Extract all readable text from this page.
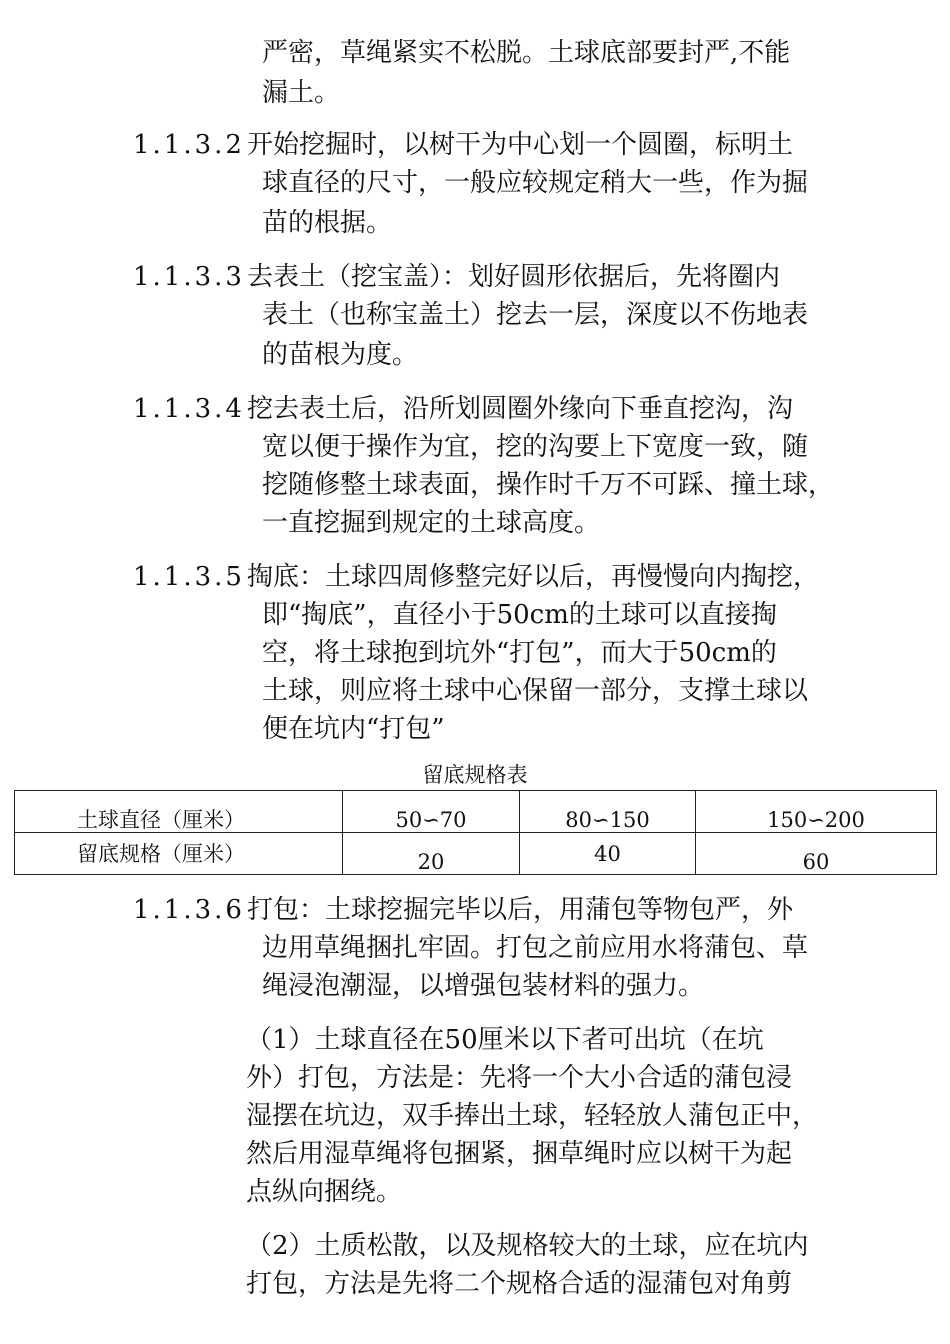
严密，草绳紧实不松脱。土球底部要封严,不能
漏土。
1.1.3.2开始挖掘时，以树干为中心划一个圆圈，标明土
球直径的尺寸，一般应较规定稍大一些，作为掘
苗的根据。
1.1.3.3去表土（挖宝盖）：划好圆形依据后，先将圈内
表土（也称宝盖土）挖去一层，深度以不伤地表
的苗根为度。
1.1.3.4挖去表土后，沿所划圆圈外缘向下垂直挖沟，沟
宽以便于操作为宜，挖的沟要上下宽度一致，随
挖随修整土球表面，操作时千万不可踩、撞土球，
一直挖掘到规定的土球高度。
1.1.3.5掏底：土球四周修整完好以后，再慢慢向内掏挖，
即“掏底”，直径小于50cm的土球可以直接掏
空，将土球抱到坑外“打包”，而大于50cm的
土球，则应将土球中心保留一部分，支撑土球以
便在坑内“打包”
留底规格表
土球直径（厘米）	50∽70	80∽150	150∽200
留底规格（厘米）	20	40	60
1.1.3.6打包：土球挖掘完毕以后，用蒲包等物包严，外
边用草绳捆扎牢固。打包之前应用水将蒲包、草
绳浸泡潮湿，以增强包装材料的强力。
（1）土球直径在50厘米以下者可出坑（在坑
外）打包，方法是：先将一个大小合适的蒲包浸
湿摆在坑边，双手捧出土球，轻轻放人蒲包正中，
然后用湿草绳将包捆紧，捆草绳时应以树干为起
点纵向捆绕。
（2）土质松散，以及规格较大的土球，应在坑内
打包，方法是先将二个规格合适的湿蒲包对角剪
